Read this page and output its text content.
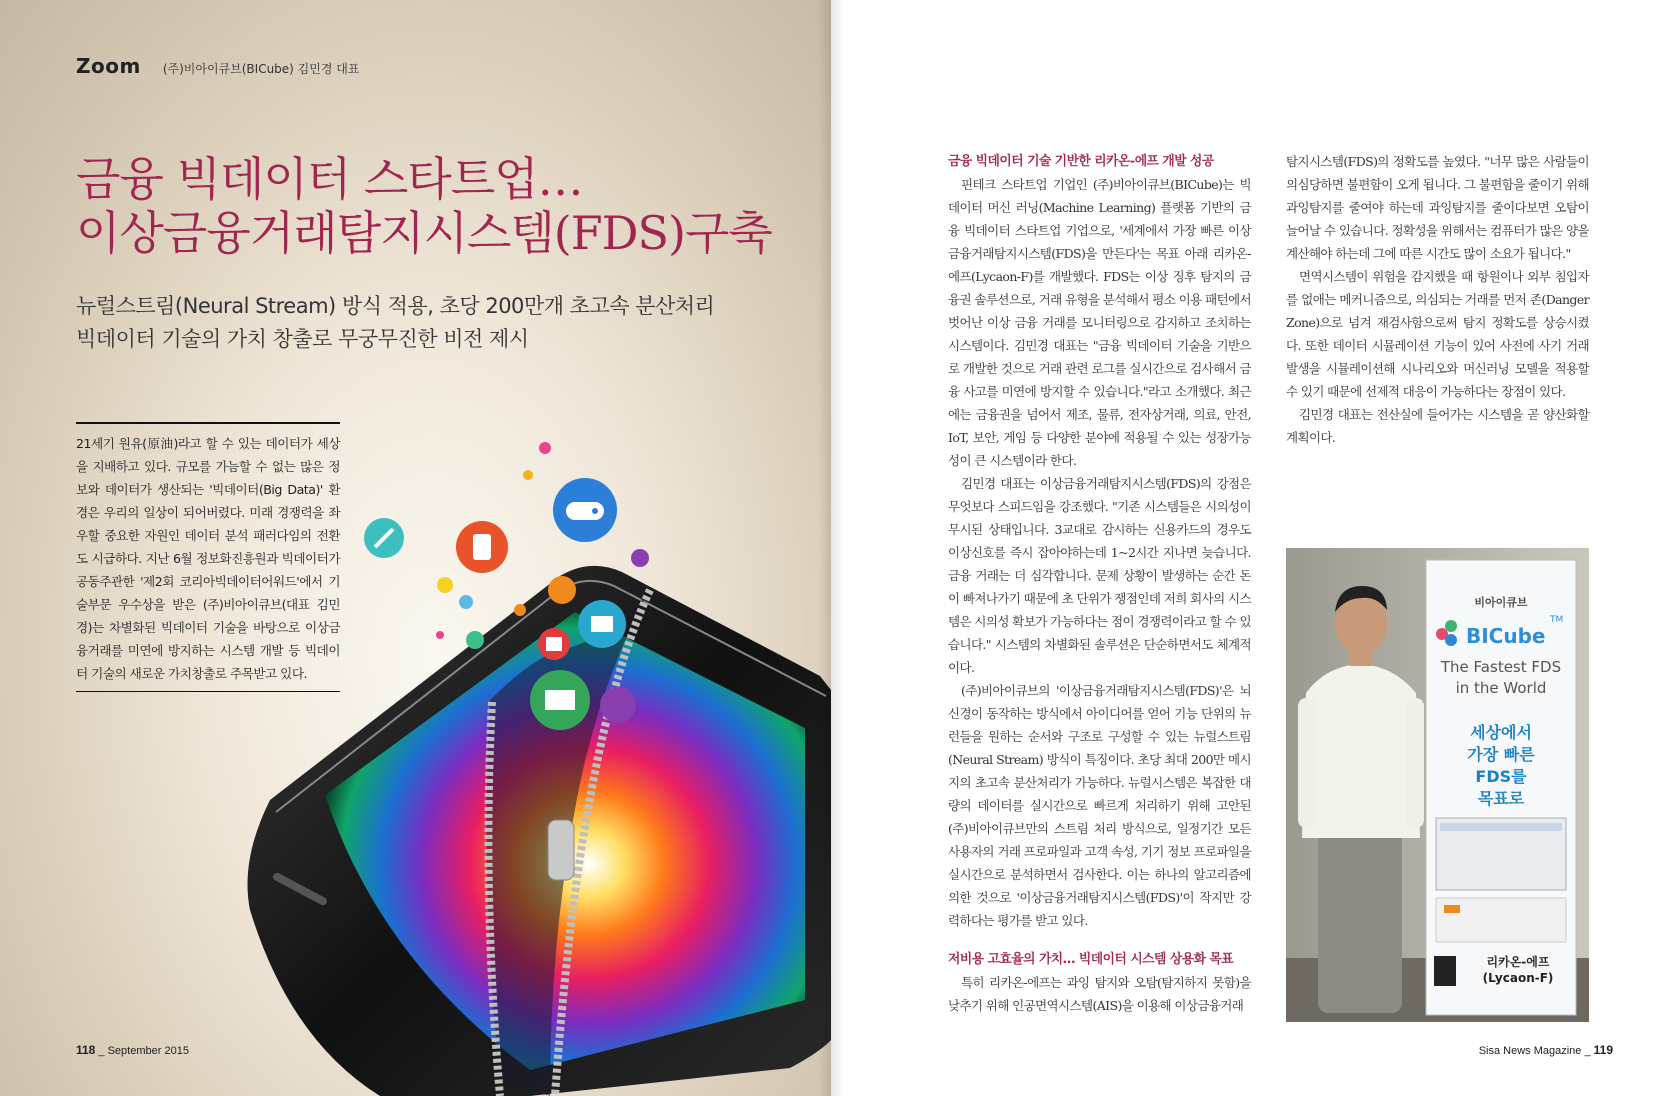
Zoom (주)비아이큐브(BICube) 김민경 대표
금융 빅데이터 스타트업…
이상금융거래탐지시스템(FDS)구축
뉴럴스트림(Neural Stream) 방식 적용, 초당 200만개 초고속 분산처리
빅데이터 기술의 가치 창출로 무궁무진한 비전 제시

21세기 원유(原油)라고 할 수 있는 데이터가 세상을 지배하고 있다. 규모를 가늠할 수 없는 많은 정보와 데이터가 생산되는 '빅데이터(Big Data)' 환경은 우리의 일상이 되어버렸다. 미래 경쟁력을 좌우할 중요한 자원인 데이터 분석 패러다임의 전환도 시급하다. 지난 6월 정보화진흥원과 빅데이터가 공동주관한 '제2회 코리아빅데이터어워드'에서 기술부문 우수상을 받은 (주)비아이큐브(대표 김민경)는 차별화된 빅데이터 기술을 바탕으로 이상금융거래를 미연에 방지하는 시스템 개발 등 빅데이터 기술의 새로운 가치창출로 주목받고 있다.

118 _ September 2015
금융 빅데이터 기술 기반한 리카온-에프 개발 성공

핀테크 스타트업 기업인 (주)비아이큐브(BICube)는 빅데이터 머신 러닝(Machine Learning) 플랫폼 기반의 금융 빅데이터 스타트업 기업으로, '세계에서 가장 빠른 이상금융거래탐지시스템(FDS)을 만든다'는 목표 아래 리카온-에프(Lycaon-F)를 개발했다. FDS는 이상 징후 탐지의 금융권 솔루션으로, 거래 유형을 분석해서 평소 이용 패턴에서 벗어난 이상 금융 거래를 모니터링으로 감지하고 조치하는 시스템이다. 김민경 대표는 "금융 빅데이터 기술을 기반으로 개발한 것으로 거래 관련 로그를 실시간으로 검사해서 금융 사고를 미연에 방지할 수 있습니다."라고 소개했다. 최근에는 금융권을 넘어서 제조, 물류, 전자상거래, 의료, 안전, IoT, 보안, 게임 등 다양한 분야에 적용될 수 있는 성장가능성이 큰 시스템이라 한다.

김민경 대표는 이상금융거래탐지시스템(FDS)의 강점은 무엇보다 스피드임을 강조했다. "기존 시스템들은 시의성이 무시된 상태입니다. 3교대로 감시하는 신용카드의 경우도 이상신호를 즉시 잡아야하는데 1~2시간 지나면 늦습니다. 금융 거래는 더 심각합니다. 문제 상황이 발생하는 순간 돈이 빠져나가기 때문에 초 단위가 쟁점인데 저희 회사의 시스템은 시의성 확보가 가능하다는 점이 경쟁력이라고 할 수 있습니다." 시스템의 차별화된 솔루션은 단순하면서도 체계적이다.

(주)비아이큐브의 '이상금융거래탐지시스템(FDS)'은 뇌신경이 동작하는 방식에서 아이디어를 얻어 기능 단위의 뉴런들을 원하는 순서와 구조로 구성할 수 있는 뉴럴스트림(Neural Stream) 방식이 특징이다. 초당 최대 200만 메시지의 초고속 분산처리가 가능하다. 뉴럴시스템은 복잡한 대량의 데이터를 실시간으로 빠르게 처리하기 위해 고안된 (주)비아이큐브만의 스트림 처리 방식으로, 일정기간 모든 사용자의 거래 프로파일과 고객 속성, 기기 정보 프로파일을 실시간으로 분석하면서 검사한다. 이는 하나의 알고리즘에 의한 것으로 '이상금융거래탐지시스템(FDS)'이 작지만 강력하다는 평가를 받고 있다.

저비용 고효율의 가치… 빅데이터 시스템 상용화 목표

특히 리카온-에프는 과잉 탐지와 오탐(탐지하지 못함)을 낮추기 위해 인공면역시스템(AIS)을 이용해 이상금융거래

탐지시스템(FDS)의 정확도를 높였다. "너무 많은 사람들이 의심당하면 불편함이 오게 됩니다. 그 불편함을 줄이기 위해 과잉탐지를 줄여야 하는데 과잉탐지를 줄이다보면 오탐이 늘어날 수 있습니다. 정확성을 위해서는 컴퓨터가 많은 양을 계산해야 하는데 그에 따른 시간도 많이 소요가 됩니다."

면역시스템이 위험을 감지했을 때 항원이나 외부 침입자를 없애는 메커니즘으로, 의심되는 거래를 먼저 존(Danger Zone)으로 넘겨 재검사함으로써 탐지 정확도를 상승시켰다. 또한 데이터 시뮬레이션 기능이 있어 사전에 사기 거래 발생을 시뮬레이션해 시나리오와 머신러닝 모델을 적용할 수 있기 때문에 선제적 대응이 가능하다는 장점이 있다.

김민경 대표는 전산실에 들어가는 시스템을 곧 양산화할 계획이다.

비아이큐브
BICube
TM
The Fastest FDS
in the World
세상에서
가장 빠른
FDS를
목표로
리카온-에프
(Lycaon-F)
Sisa News Magazine _ 119
